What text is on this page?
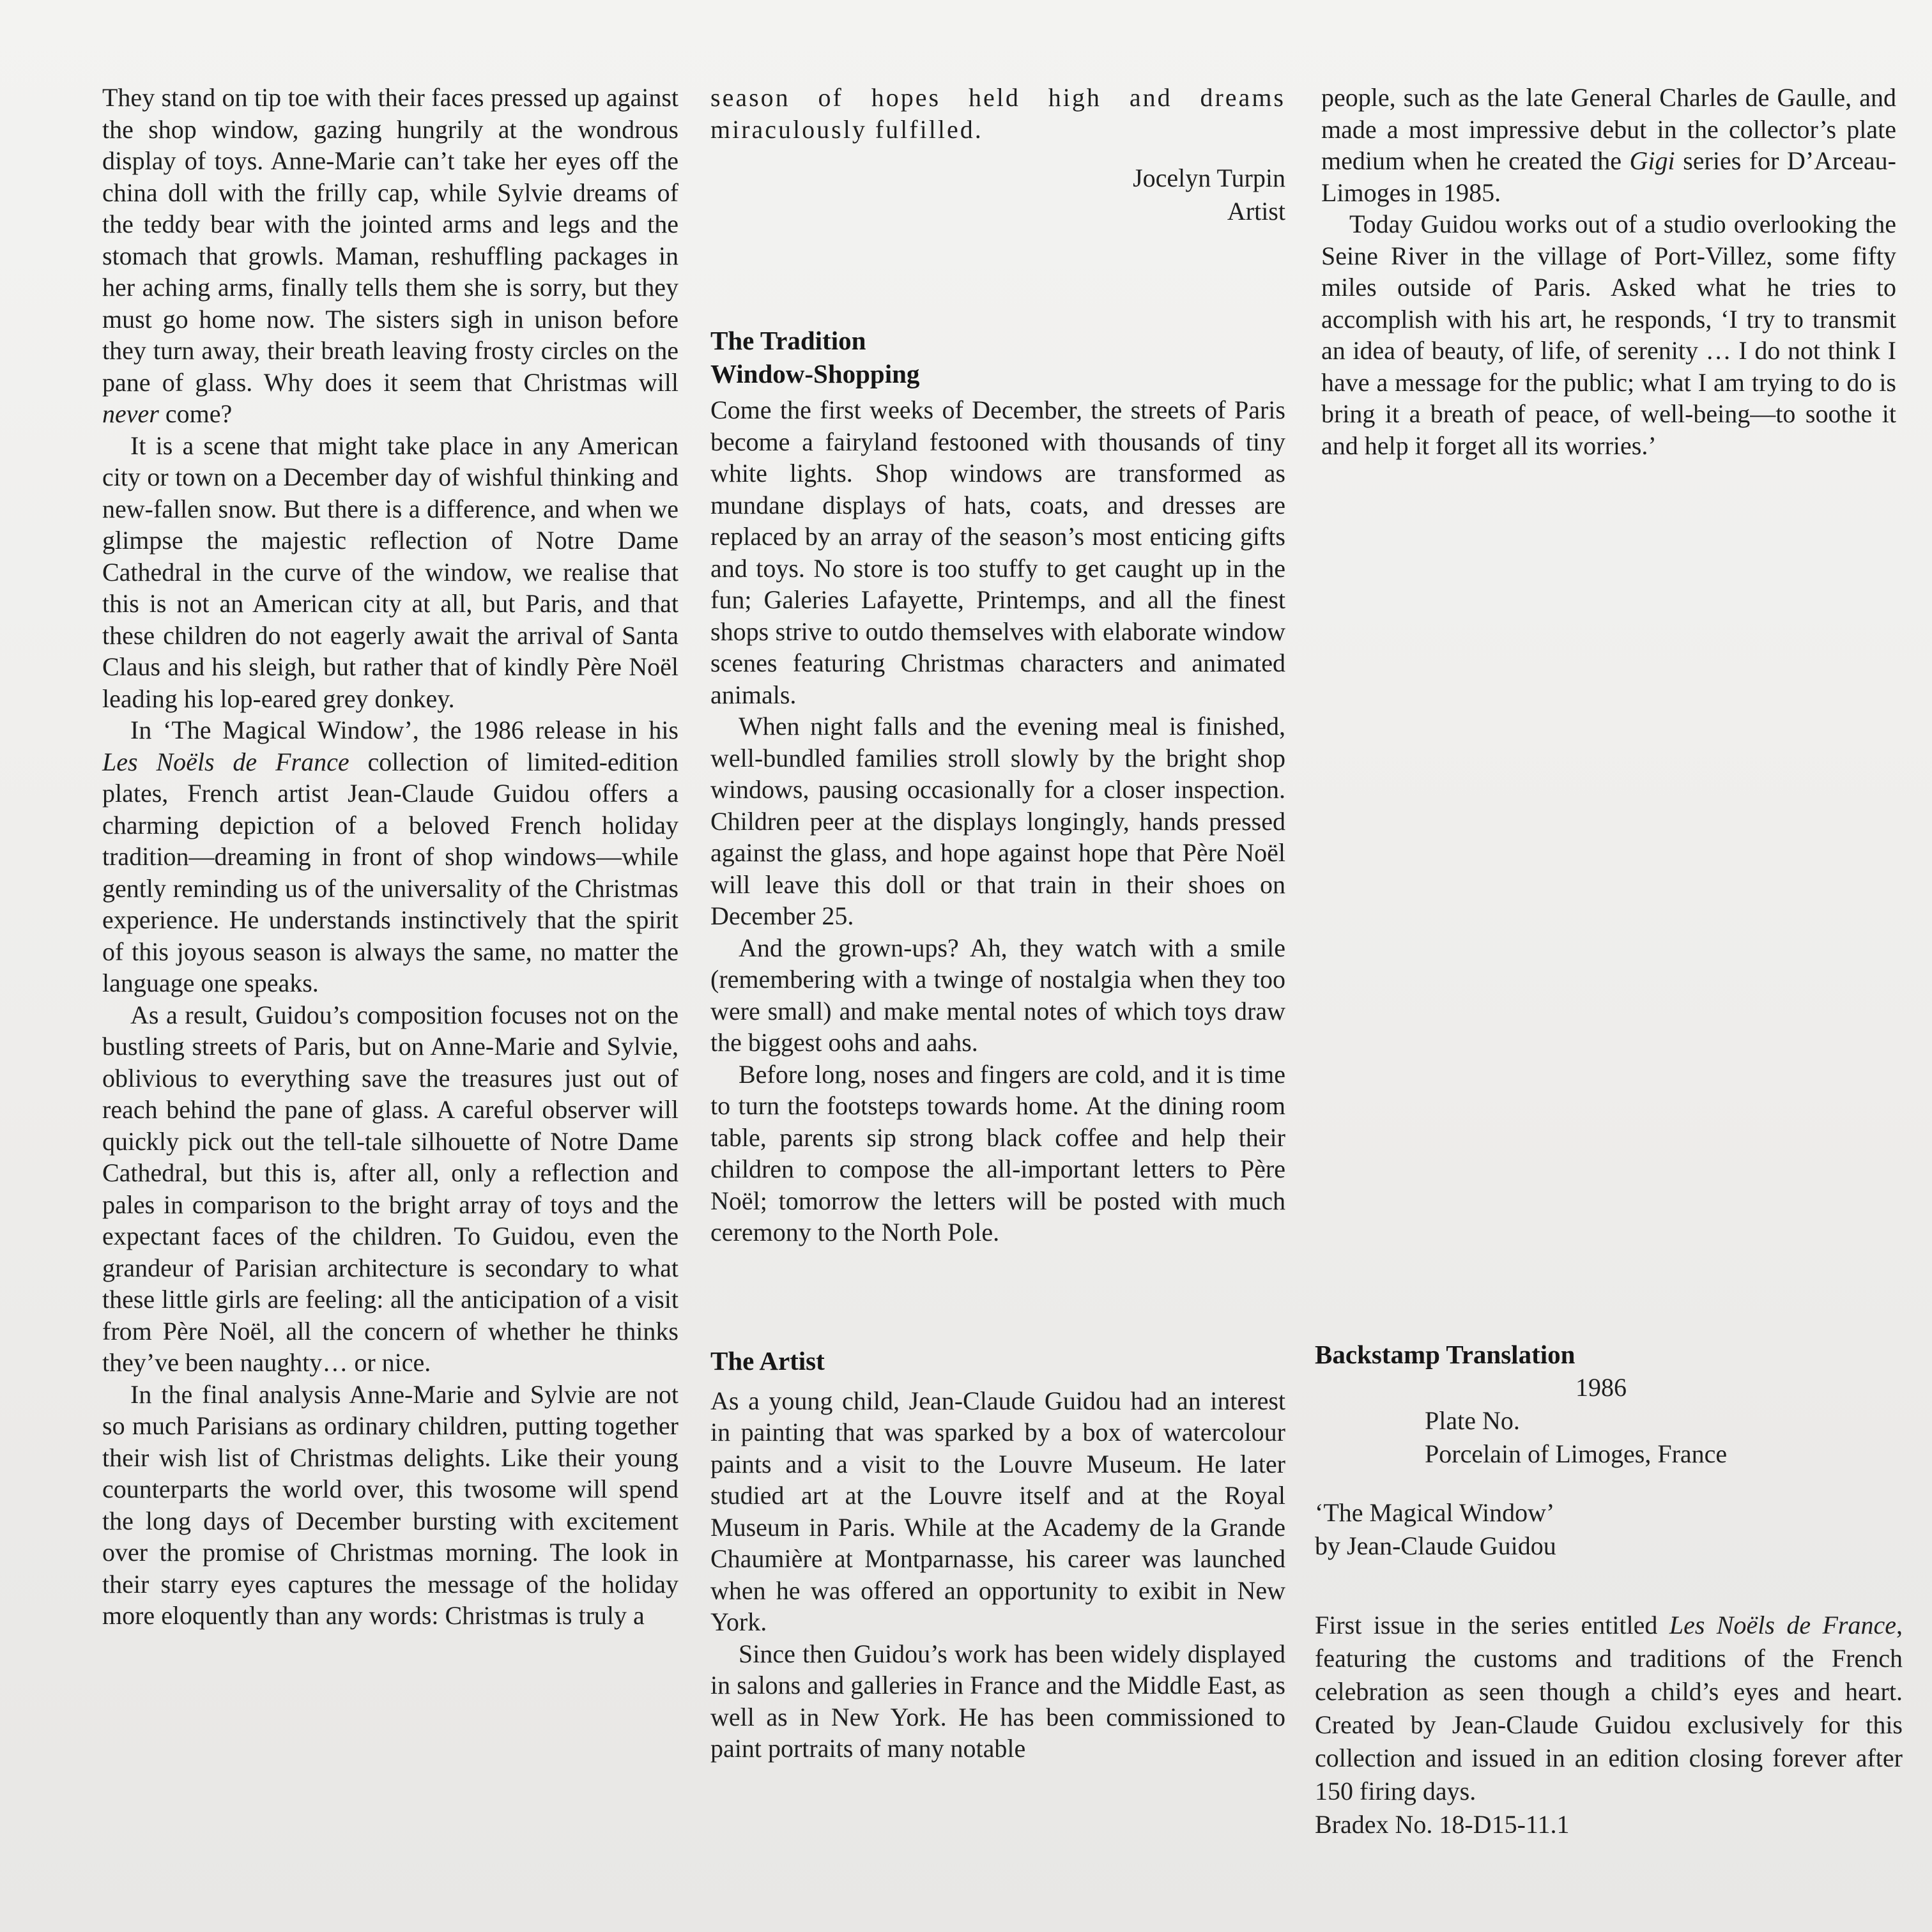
They stand on tip toe with their faces pressed up against the shop window, gazing hungrily at the wondrous display of toys. Anne-Marie can’t take her eyes off the china doll with the frilly cap, while Sylvie dreams of the teddy bear with the jointed arms and legs and the stomach that growls. Maman, reshuffling packages in her aching arms, finally tells them she is sorry, but they must go home now. The sisters sigh in unison before they turn away, their breath leaving frosty circles on the pane of glass. Why does it seem that Christmas will never come?

It is a scene that might take place in any American city or town on a December day of wishful thinking and new-fallen snow. But there is a difference, and when we glimpse the majestic reflection of Notre Dame Cathedral in the curve of the window, we realise that this is not an American city at all, but Paris, and that these children do not eagerly await the arrival of Santa Claus and his sleigh, but rather that of kindly Père Noël leading his lop-eared grey donkey.

In ‘The Magical Window’, the 1986 release in his Les Noëls de France collection of limited-edition plates, French artist Jean-Claude Guidou offers a charming depiction of a beloved French holiday tradition—dreaming in front of shop windows—while gently reminding us of the universality of the Christmas experience. He understands instinctively that the spirit of this joyous season is always the same, no matter the language one speaks.

As a result, Guidou’s composition focuses not on the bustling streets of Paris, but on Anne-Marie and Sylvie, oblivious to everything save the treasures just out of reach behind the pane of glass. A careful observer will quickly pick out the tell-tale silhouette of Notre Dame Cathedral, but this is, after all, only a reflection and pales in comparison to the bright array of toys and the expectant faces of the children. To Guidou, even the grandeur of Parisian architecture is secondary to what these little girls are feeling: all the anticipation of a visit from Père Noël, all the concern of whether he thinks they’ve been naughty… or nice.

In the final analysis Anne-Marie and Sylvie are not so much Parisians as ordinary children, putting together their wish list of Christmas delights. Like their young counterparts the world over, this twosome will spend the long days of December bursting with excitement over the promise of Christmas morning. The look in their starry eyes captures the message of the holiday more eloquently than any words: Christmas is truly a

season of hopes held high and dreams miraculously fulfilled.

Jocelyn Turpin
Artist
The Tradition
Window-Shopping

Come the first weeks of December, the streets of Paris become a fairyland festooned with thousands of tiny white lights. Shop windows are transformed as mundane displays of hats, coats, and dresses are replaced by an array of the season’s most enticing gifts and toys. No store is too stuffy to get caught up in the fun; Galeries Lafayette, Printemps, and all the finest shops strive to outdo themselves with elaborate window scenes featuring Christmas characters and animated animals.

When night falls and the evening meal is finished, well-bundled families stroll slowly by the bright shop windows, pausing occasionally for a closer inspection. Children peer at the displays longingly, hands pressed against the glass, and hope against hope that Père Noël will leave this doll or that train in their shoes on December 25.

And the grown-ups? Ah, they watch with a smile (remembering with a twinge of nostalgia when they too were small) and make mental notes of which toys draw the biggest oohs and aahs.

Before long, noses and fingers are cold, and it is time to turn the footsteps towards home. At the dining room table, parents sip strong black coffee and help their children to compose the all-important letters to Père Noël; tomorrow the letters will be posted with much ceremony to the North Pole.

The Artist

As a young child, Jean-Claude Guidou had an interest in painting that was sparked by a box of watercolour paints and a visit to the Louvre Museum. He later studied art at the Louvre itself and at the Royal Museum in Paris. While at the Academy de la Grande Chaumière at Montparnasse, his career was launched when he was offered an opportunity to exibit in New York.

Since then Guidou’s work has been widely displayed in salons and galleries in France and the Middle East, as well as in New York. He has been commissioned to paint portraits of many notable

people, such as the late General Charles de Gaulle, and made a most impressive debut in the collector’s plate medium when he created the Gigi series for D’Arceau-Limoges in 1985.

Today Guidou works out of a studio overlooking the Seine River in the village of Port-Villez, some fifty miles outside of Paris. Asked what he tries to accomplish with his art, he responds, ‘I try to transmit an idea of beauty, of life, of serenity … I do not think I have a message for the public; what I am trying to do is bring it a breath of peace, of well-being—to soothe it and help it forget all its worries.’

Backstamp Translation
1986
Plate No.
Porcelain of Limoges, France
‘The Magical Window’
by Jean-Claude Guidou

First issue in the series entitled Les Noëls de France, featuring the customs and traditions of the French celebration as seen though a child’s eyes and heart. Created by Jean-Claude Guidou exclusively for this collection and issued in an edition closing forever after 150 firing days.

Bradex No. 18-D15-11.1
